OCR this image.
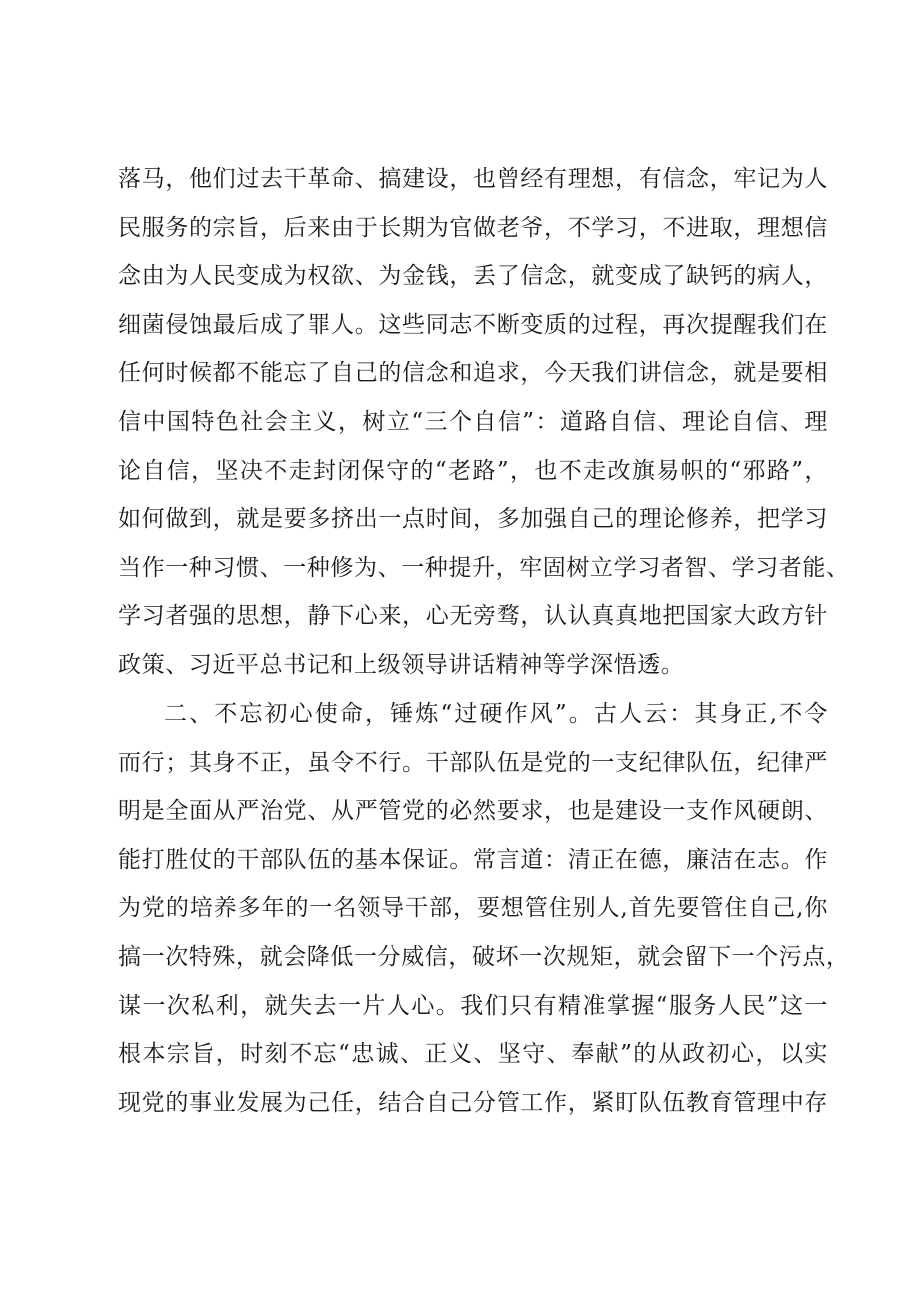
落马，他们过去干革命、搞建设，也曾经有理想，有信念，牢记为人
民服务的宗旨，后来由于长期为官做老爷，不学习，不进取，理想信
念由为人民变成为权欲、为金钱，丢了信念，就变成了缺钙的病人，
细菌侵蚀最后成了罪人。这些同志不断变质的过程，再次提醒我们在
任何时候都不能忘了自己的信念和追求，今天我们讲信念，就是要相
信中国特色社会主义，树立“三个自信”：道路自信、理论自信、理
论自信，坚决不走封闭保守的“老路”，也不走改旗易帜的“邪路”，
如何做到，就是要多挤出一点时间，多加强自己的理论修养，把学习
当作一种习惯、一种修为、一种提升，牢固树立学习者智、学习者能、
学习者强的思想，静下心来，心无旁骛，认认真真地把国家大政方针
政策、习近平总书记和上级领导讲话精神等学深悟透。
二、不忘初心使命，锤炼“过硬作风”。古人云：其身正,不令
而行；其身不正，虽令不行。干部队伍是党的一支纪律队伍，纪律严
明是全面从严治党、从严管党的必然要求，也是建设一支作风硬朗、
能打胜仗的干部队伍的基本保证。常言道：清正在德，廉洁在志。作
为党的培养多年的一名领导干部，要想管住别人,首先要管住自己,你
搞一次特殊，就会降低一分威信，破坏一次规矩，就会留下一个污点，
谋一次私利，就失去一片人心。我们只有精准掌握“服务人民”这一
根本宗旨，时刻不忘“忠诚、正义、坚守、奉献”的从政初心，以实
现党的事业发展为己任，结合自己分管工作，紧盯队伍教育管理中存
